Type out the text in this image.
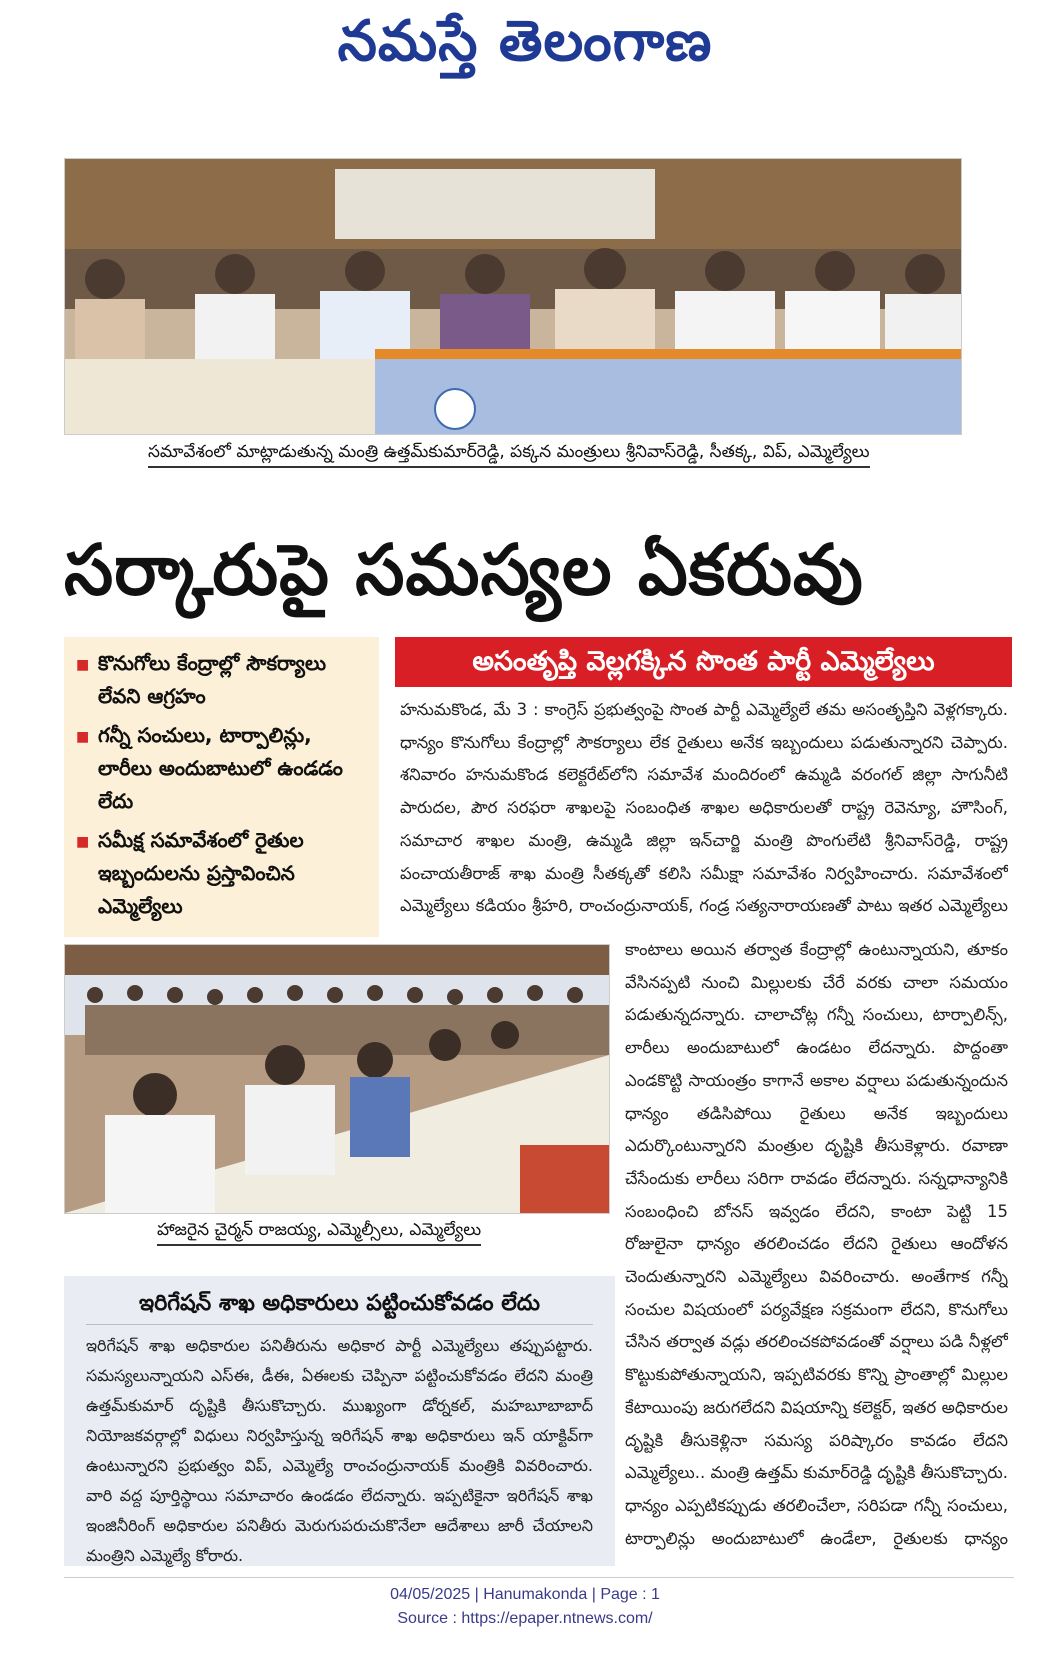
నమస్తే తెలంగాణ
సమావేశంలో మాట్లాడుతున్న మంత్రి ఉత్తమ్‌కుమార్‌రెడ్డి, పక్కన మంత్రులు శ్రీనివాస్‌రెడ్డి, సీతక్క, విప్, ఎమ్మెల్యేలు
సర్కారుపై సమస్యల ఏకరువు
■ కొనుగోలు కేంద్రాల్లో సౌకర్యాలు లేవని ఆగ్రహం
■ గన్నీ సంచులు, టార్పాలిన్లు, లారీలు అందుబాటులో ఉండడం లేదు
■ సమీక్ష సమావేశంలో రైతుల ఇబ్బందులను ప్రస్తావించిన ఎమ్మెల్యేలు
అసంతృప్తి వెల్లగక్కిన సొంత పార్టీ ఎమ్మెల్యేలు
హనుమకొండ, మే 3 : కాంగ్రెస్ ప్రభుత్వంపై సొంత పార్టీ ఎమ్మెల్యేలే తమ అసంతృప్తిని వెళ్లగక్కారు. ధాన్యం కొనుగోలు కేంద్రాల్లో సౌకర్యాలు లేక రైతులు అనేక ఇబ్బందులు పడుతున్నారని చెప్పారు. శనివారం హనుమకొండ కలెక్టరేట్‌లోని సమావేశ మందిరంలో ఉమ్మడి వరంగల్ జిల్లా సాగునీటి పారుదల, పౌర సరఫరా శాఖలపై సంబంధిత శాఖల అధికారులతో రాష్ట్ర రెవెన్యూ, హౌసింగ్, సమాచార శాఖల మంత్రి, ఉమ్మడి జిల్లా ఇన్‌చార్జి మంత్రి పొంగులేటి శ్రీనివాస్‌రెడ్డి, రాష్ట్ర పంచాయతీరాజ్ శాఖ మంత్రి సీతక్కతో కలిసి సమీక్షా సమావేశం నిర్వహించారు. సమావేశంలో ఎమ్మెల్యేలు కడియం శ్రీహరి, రాంచంద్రునాయక్, గండ్ర సత్యనారాయణతో పాటు ఇతర ఎమ్మెల్యేలు
హాజరైన చైర్మన్ రాజయ్య, ఎమ్మెల్సీలు, ఎమ్మెల్యేలు
కాంటాలు అయిన తర్వాత కేంద్రాల్లో ఉంటున్నాయని, తూకం వేసినప్పటి నుంచి మిల్లులకు చేరే వరకు చాలా సమయం పడుతున్నదన్నారు. చాలాచోట్ల గన్నీ సంచులు, టార్పాలిన్స్, లారీలు అందుబాటులో ఉండటం లేదన్నారు. పొద్దంతా ఎండకొట్టి సాయంత్రం కాగానే అకాల వర్షాలు పడుతున్నందున ధాన్యం తడిసిపోయి రైతులు అనేక ఇబ్బందులు ఎదుర్కొంటున్నారని మంత్రుల దృష్టికి తీసుకెళ్లారు. రవాణా చేసేందుకు లారీలు సరిగా రావడం లేదన్నారు. సన్నధాన్యానికి సంబంధించి బోనస్ ఇవ్వడం లేదని, కాంటా పెట్టి 15 రోజులైనా ధాన్యం తరలించడం లేదని రైతులు ఆందోళన చెందుతున్నారని ఎమ్మెల్యేలు వివరించారు. అంతేగాక గన్నీ సంచుల విషయంలో పర్యవేక్షణ సక్రమంగా లేదని, కొనుగోలు చేసిన తర్వాత వడ్లు తరలించకపోవడంతో వర్షాలు పడి నీళ్లలో కొట్టుకుపోతున్నాయని, ఇప్పటివరకు కొన్ని ప్రాంతాల్లో మిల్లుల కేటాయింపు జరుగలేదని విషయాన్ని కలెక్టర్, ఇతర అధికారుల దృష్టికి తీసుకెళ్లినా సమస్య పరిష్కారం కావడం లేదని ఎమ్మెల్యేలు.. మంత్రి ఉత్తమ్ కుమార్‌రెడ్డి దృష్టికి తీసుకొచ్చారు. ధాన్యం ఎప్పటికప్పుడు తరలించేలా, సరిపడా గన్నీ సంచులు, టార్పాలిన్లు అందుబాటులో ఉండేలా, రైతులకు ధాన్యం
ఇరిగేషన్ శాఖ అధికారులు పట్టించుకోవడం లేదు
ఇరిగేషన్ శాఖ అధికారుల పనితీరును అధికార పార్టీ ఎమ్మెల్యేలు తప్పుపట్టారు. సమస్యలున్నాయని ఎస్ఈ, డీఈ, ఏఈలకు చెప్పినా పట్టించుకోవడం లేదని మంత్రి ఉత్తమ్‌కుమార్ దృష్టికి తీసుకొచ్చారు. ముఖ్యంగా డోర్నకల్, మహబూబాబాద్ నియోజకవర్గాల్లో విధులు నిర్వహిస్తున్న ఇరిగేషన్ శాఖ అధికారులు ఇన్ యాక్టివ్‌గా ఉంటున్నారని ప్రభుత్వం విప్, ఎమ్మెల్యే రాంచంద్రునాయక్ మంత్రికి వివరించారు. వారి వద్ద పూర్తిస్థాయి సమాచారం ఉండడం లేదన్నారు. ఇప్పటికైనా ఇరిగేషన్ శాఖ ఇంజినీరింగ్ అధికారుల పనితీరు మెరుగుపరుచుకొనేలా ఆదేశాలు జారీ చేయాలని మంత్రిని ఎమ్మెల్యే కోరారు.
04/05/2025 | Hanumakonda | Page : 1
Source : https://epaper.ntnews.com/
